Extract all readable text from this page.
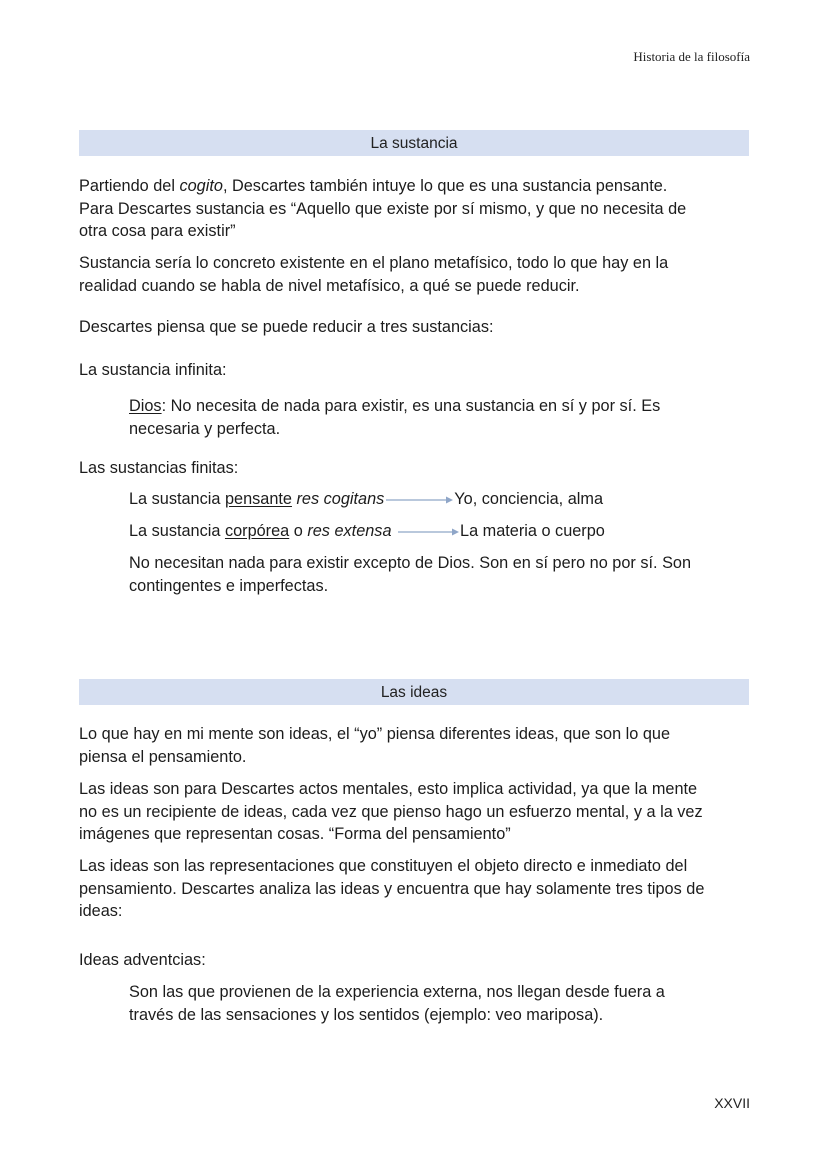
Historia de la filosofía
La sustancia

Partiendo del cogito, Descartes también intuye lo que es una sustancia pensante.
Para Descartes sustancia es “Aquello que existe por sí mismo, y que no necesita de
otra cosa para existir”

Sustancia sería lo concreto existente en el plano metafísico, todo lo que hay en la
realidad cuando se habla de nivel metafísico, a qué se puede reducir.

Descartes piensa que se puede reducir a tres sustancias:

La sustancia infinita:

Dios: No necesita de nada para existir, es una sustancia en sí y por sí. Es
necesaria y perfecta.

Las sustancias finitas:

La sustancia pensante res cogitans	Yo, conciencia, alma

La sustancia corpórea o res extensa	La materia o cuerpo

No necesitan nada para existir excepto de Dios. Son en sí pero no por sí. Son
contingentes e imperfectas.

Las ideas

Lo que hay en mi mente son ideas, el “yo” piensa diferentes ideas, que son lo que
piensa el pensamiento.

Las ideas son para Descartes actos mentales, esto implica actividad, ya que la mente
no es un recipiente de ideas, cada vez que pienso hago un esfuerzo mental, y a la vez
imágenes que representan cosas. “Forma del pensamiento”

Las ideas son las representaciones que constituyen el objeto directo e inmediato del
pensamiento. Descartes analiza las ideas y encuentra que hay solamente tres tipos de
ideas:

Ideas adventcias:

Son las que provienen de la experiencia externa, nos llegan desde fuera a
través de las sensaciones y los sentidos (ejemplo: veo mariposa).

XXVII
